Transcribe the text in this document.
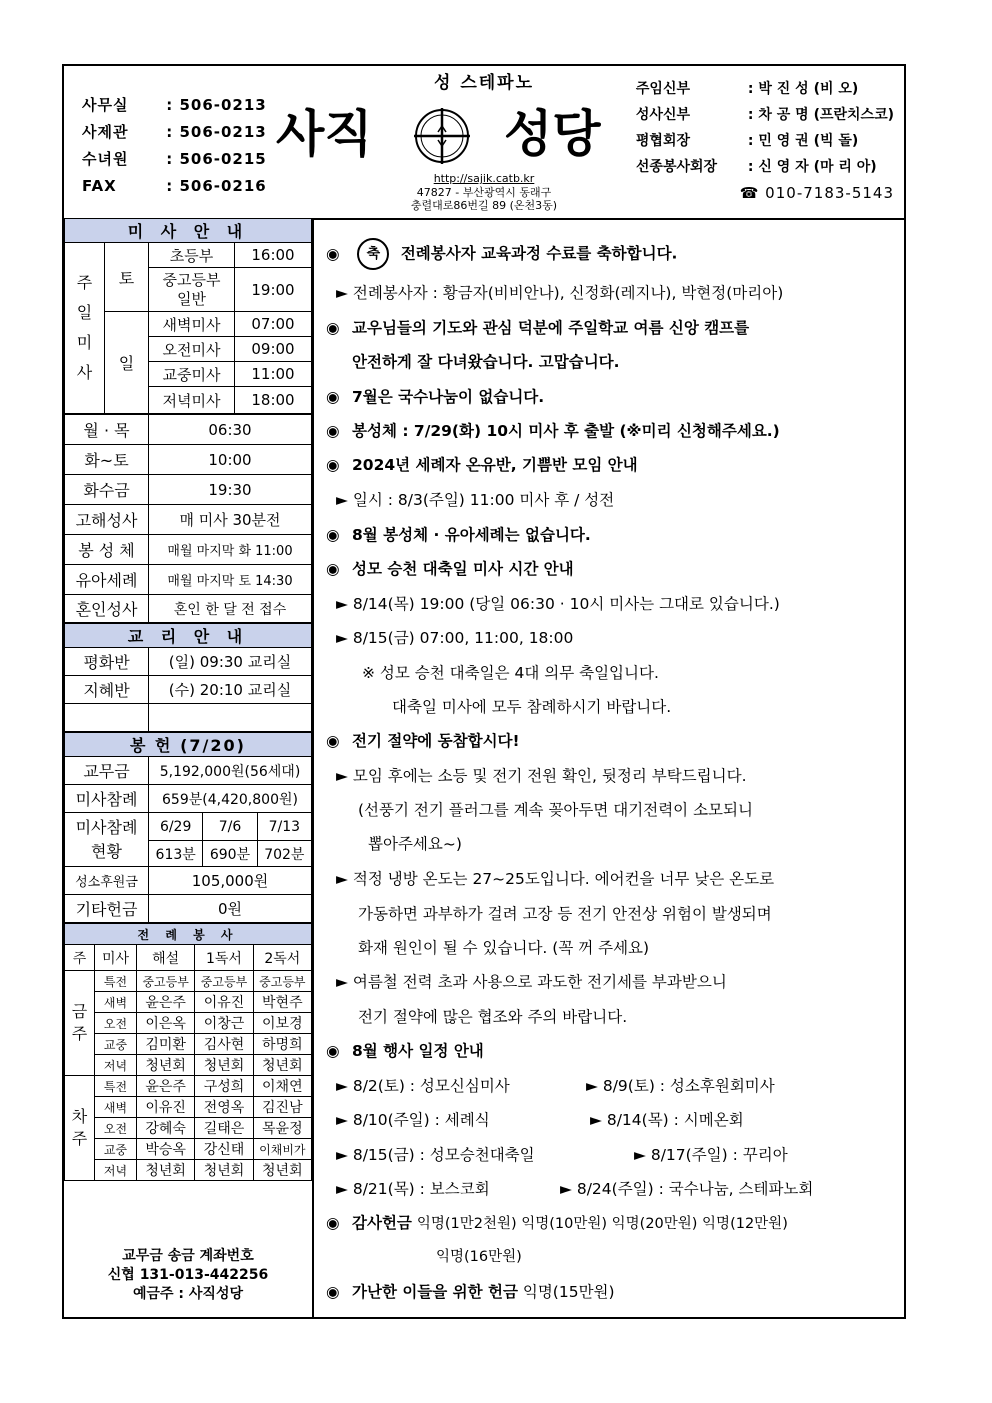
사무실	: 506-0213
사제관	: 506-0213
수녀원	: 506-0215
FAX	: 506-0216
성 스테파노
사직	성당
http://sajik.catb.kr
47827 - 부산광역시 동래구
충렬대로86번길 89 (온천3동)
주임신부	: 박 진 성 (비 오)
성사신부	: 차 공 명 (프란치스코)
평협회장	: 민 영 권 (빅 돌)
선종봉사회장 : 신 영 자 (마 리 아)
☎ 010-7183-5143
미 사 안 내			
주 일 미 사	토	초등부	16:00
		중고등부 일반	19:00
	일	새벽미사	07:00
		오전미사	09:00
		교중미사	11:00
		저녁미사	18:00
월 · 목	06:30
화~토	10:00
화수금	19:30
고해성사	매 미사 30분전
봉 성 체	매월 마지막 화 11:00
유아세례	매월 마지막 토 14:30
혼인성사	혼인 한 달 전 접수
교 리 안 내	
평화반	(일) 09:30 교리실
지혜반	(수) 20:10 교리실

봉 헌 (7/20)			
교무금	5,192,000원(56세대)		
미사참례	659분(4,420,800원)		
미사참례 현황	6/29	7/6	7/13
	613분	690분	702분
성소후원금	105,000원		
기타헌금	0원		
전 례 봉 사				
주	미사	해설	1독서	2독서
금주	특전	중고등부	중고등부	중고등부
	새벽	윤은주	이유진	박현주
	오전	이은옥	이창근	이보경
	교중	김미환	김사현	하명희
	저녁	청년회	청년회	청년회
차주	특전	윤은주	구성희	이채연
	새벽	이유진	전영옥	김진남
	오전	강혜숙	길태은	목윤정
	교중	박승옥	강신태	이채비가
	저녁	청년회	청년회	청년회
교무금 송금 계좌번호
신협 131-013-442256
예금주 : 사직성당
◉ 축 전례봉사자 교육과정 수료를 축하합니다.
► 전례봉사자 : 황금자(비비안나), 신정화(레지나), 박현정(마리아)
◉ 교우님들의 기도와 관심 덕분에 주일학교 여름 신앙 캠프를
안전하게 잘 다녀왔습니다. 고맙습니다.
◉ 7월은 국수나눔이 없습니다.
◉ 봉성체 : 7/29(화) 10시 미사 후 출발 (※미리 신청해주세요.)
◉ 2024년 세례자 온유반, 기쁨반 모임 안내
► 일시 : 8/3(주일) 11:00 미사 후 / 성전
◉ 8월 봉성체 · 유아세례는 없습니다.
◉ 성모 승천 대축일 미사 시간 안내
► 8/14(목) 19:00 (당일 06:30 · 10시 미사는 그대로 있습니다.)
► 8/15(금) 07:00, 11:00, 18:00
※ 성모 승천 대축일은 4대 의무 축일입니다.
대축일 미사에 모두 참례하시기 바랍니다.
◉ 전기 절약에 동참합시다!
► 모임 후에는 소등 및 전기 전원 확인, 뒷정리 부탁드립니다.
(선풍기 전기 플러그를 계속 꽂아두면 대기전력이 소모되니
뽑아주세요~)
► 적정 냉방 온도는 27~25도입니다. 에어컨을 너무 낮은 온도로
가동하면 과부하가 걸려 고장 등 전기 안전상 위험이 발생되며
화재 원인이 될 수 있습니다. (꼭 꺼 주세요)
► 여름철 전력 초과 사용으로 과도한 전기세를 부과받으니
전기 절약에 많은 협조와 주의 바랍니다.
◉ 8월 행사 일정 안내
► 8/2(토) : 성모신심미사	► 8/9(토) : 성소후원회미사
► 8/10(주일) : 세례식	► 8/14(목) : 시메온회
► 8/15(금) : 성모승천대축일	► 8/17(주일) : 꾸리아
► 8/21(목) : 보스코회	► 8/24(주일) : 국수나눔, 스테파노회
◉ 감사헌금 익명(1만2천원) 익명(10만원) 익명(20만원) 익명(12만원)
익명(16만원)
◉ 가난한 이들을 위한 헌금 익명(15만원)
